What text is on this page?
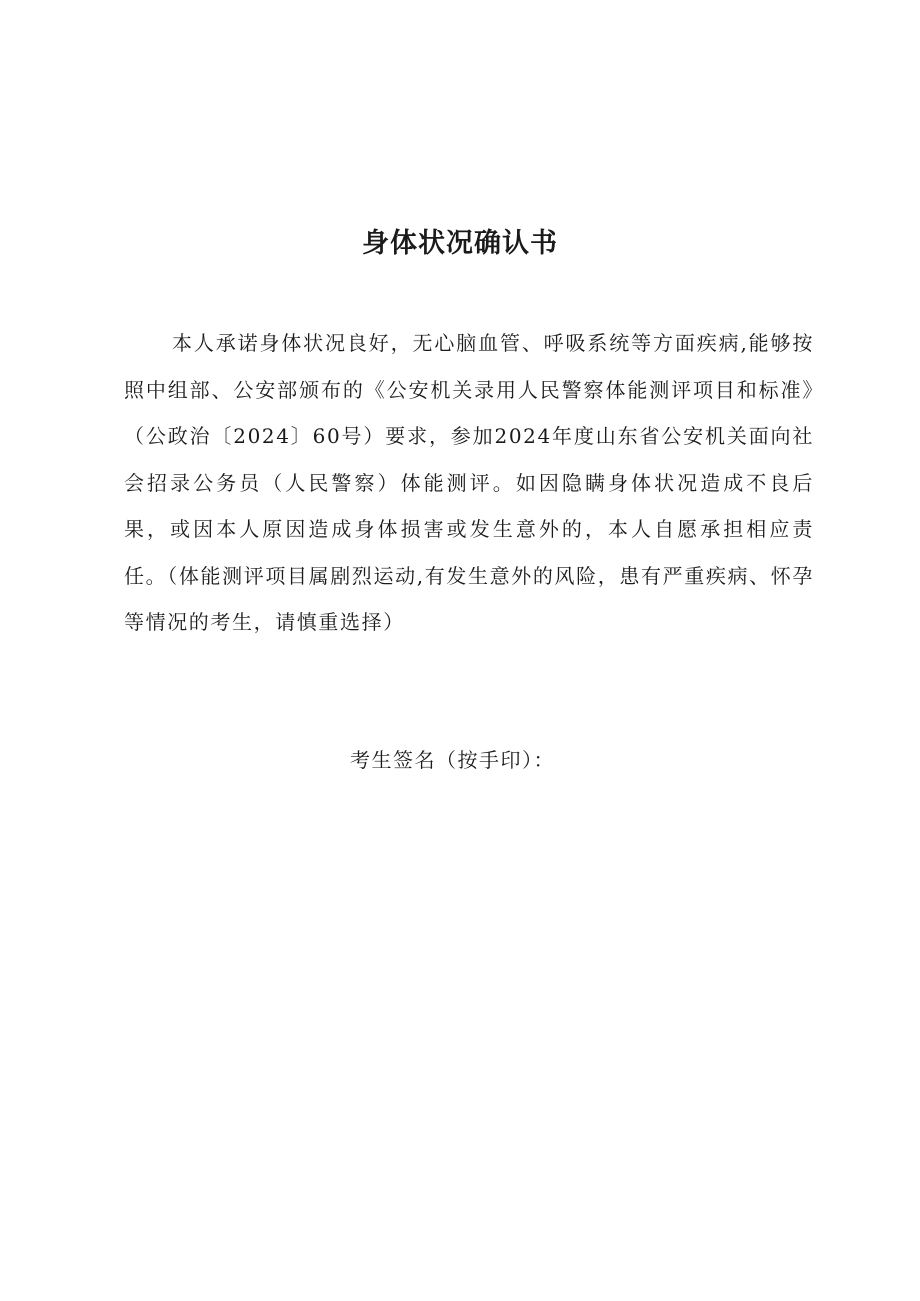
身体状况确认书

本人承诺身体状况良好，无心脑血管、呼吸系统等方面疾病,能够按照中组部、公安部颁布的《公安机关录用人民警察体能测评项目和标准》（公政治〔2024〕60号）要求，参加2024年度山东省公安机关面向社会招录公务员（人民警察）体能测评。如因隐瞒身体状况造成不良后果，或因本人原因造成身体损害或发生意外的，本人自愿承担相应责任。（体能测评项目属剧烈运动,有发生意外的风险，患有严重疾病、怀孕等情况的考生，请慎重选择）

考生签名（按手印）：
